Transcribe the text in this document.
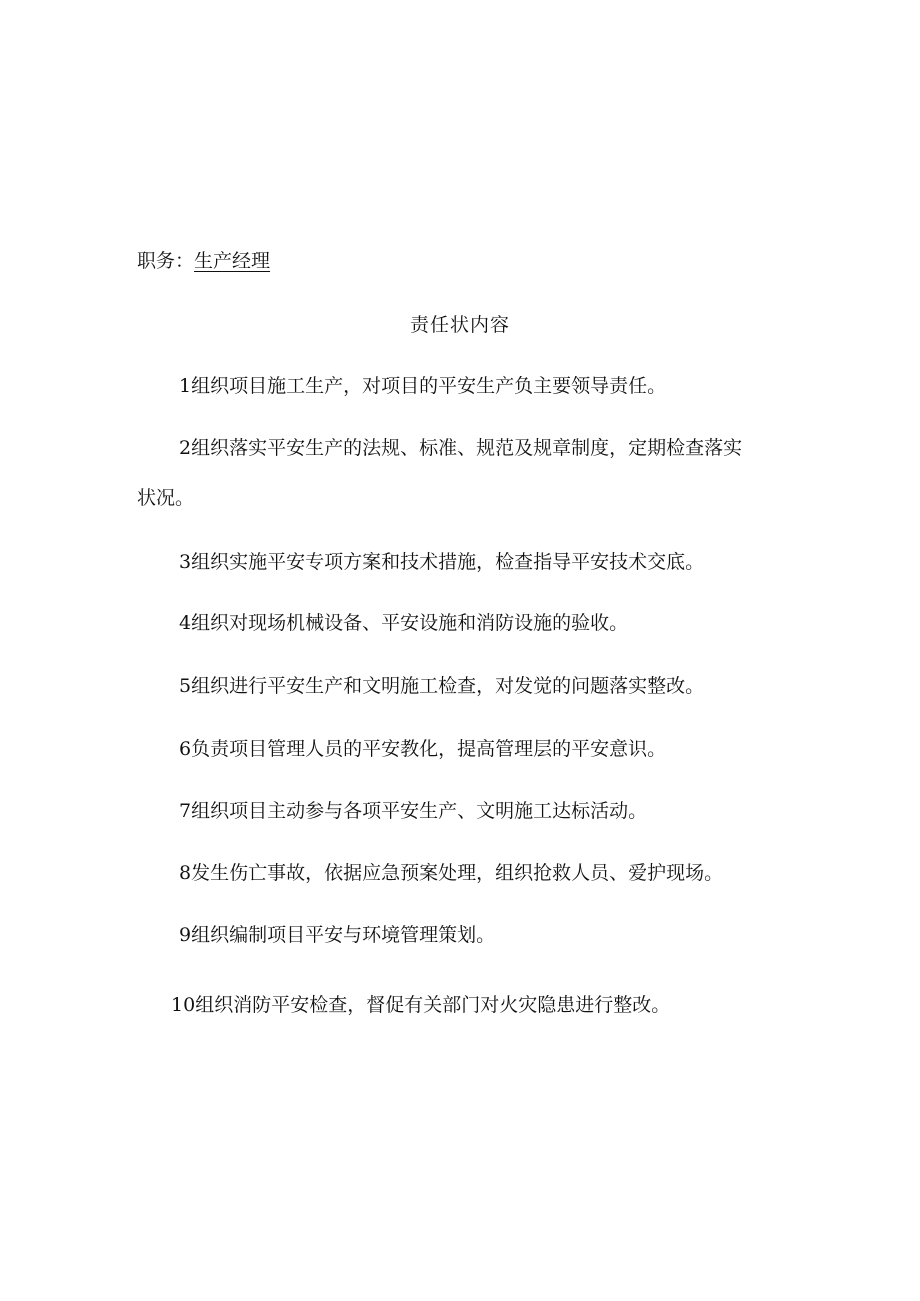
职务：生产经理
责任状内容
1组织项目施工生产，对项目的平安生产负主要领导责任。
2组织落实平安生产的法规、标准、规范及规章制度，定期检查落实
状况。
3组织实施平安专项方案和技术措施，检查指导平安技术交底。
4组织对现场机械设备、平安设施和消防设施的验收。
5组织进行平安生产和文明施工检查，对发觉的问题落实整改。
6负责项目管理人员的平安教化，提高管理层的平安意识。
7组织项目主动参与各项平安生产、文明施工达标活动。
8发生伤亡事故，依据应急预案处理，组织抢救人员、爱护现场。
9组织编制项目平安与环境管理策划。
10组织消防平安检查，督促有关部门对火灾隐患进行整改。
